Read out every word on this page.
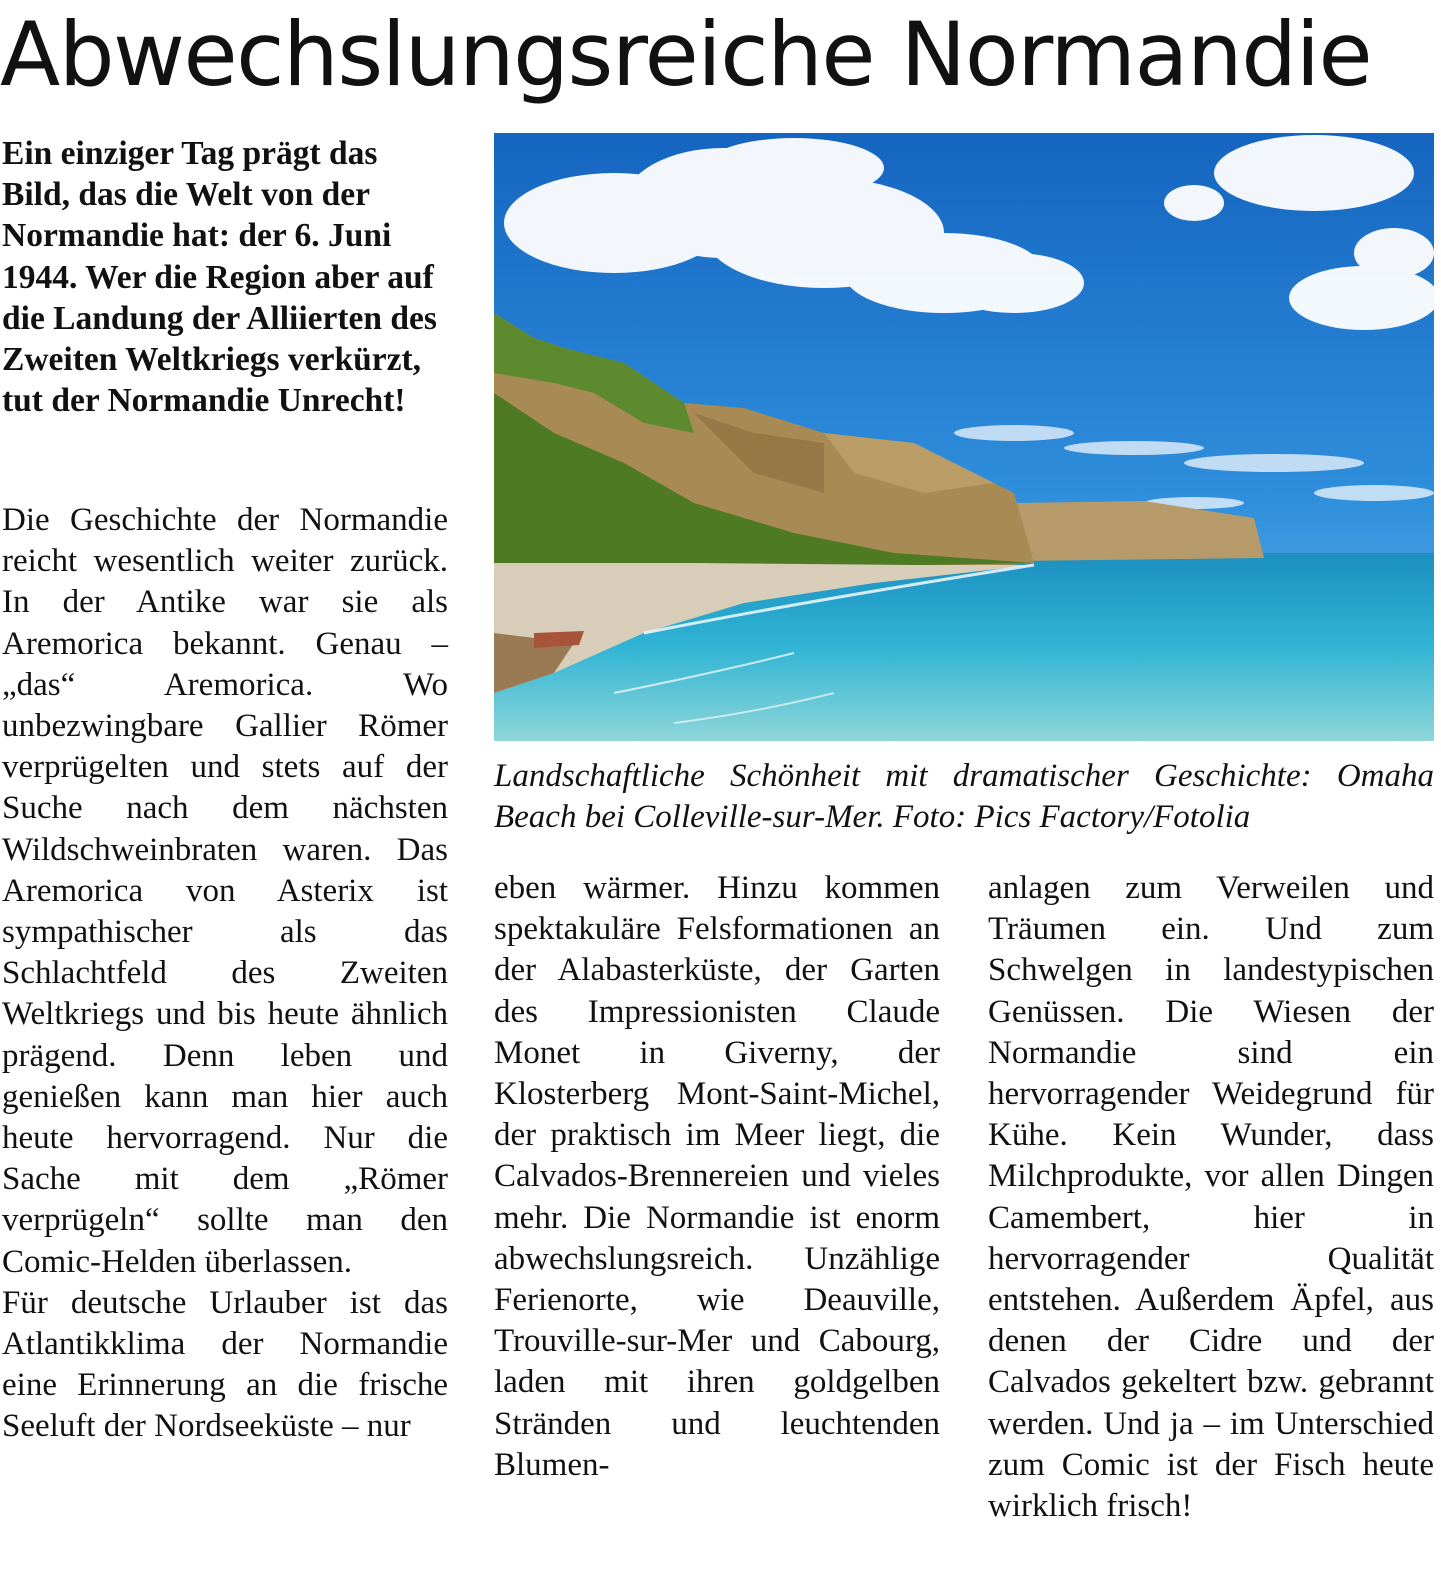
Abwechslungsreiche Normandie

Ein einziger Tag prägt das Bild, das die Welt von der Normandie hat: der 6. Juni 1944. Wer die Region aber auf die Landung der Alliierten des Zweiten Weltkriegs verkürzt, tut der Normandie Unrecht!

Die Geschichte der Normandie reicht wesentlich weiter zurück. In der Antike war sie als Aremorica bekannt. Genau – „das“ Aremorica. Wo unbezwingbare Gallier Römer verprügelten und stets auf der Suche nach dem nächsten Wildschweinbraten waren. Das Aremorica von Asterix ist sympathischer als das Schlachtfeld des Zweiten Weltkriegs und bis heute ähnlich prägend. Denn leben und genießen kann man hier auch heute hervorragend. Nur die Sache mit dem „Römer verprügeln“ sollte man den Comic-Helden überlassen.

Für deutsche Urlauber ist das Atlantikklima der Normandie eine Erinnerung an die frische Seeluft der Nordseeküste – nur

Landschaftliche Schönheit mit dramatischer Geschichte: Omaha Beach bei Colleville-sur-Mer. Foto: Pics Factory/Fotolia

eben wärmer. Hinzu kommen spektakuläre Felsformationen an der Alabasterküste, der Garten des Impressionisten Claude Monet in Giverny, der Klosterberg Mont-Saint-Michel, der praktisch im Meer liegt, die Calvados-Brennereien und vieles mehr. Die Normandie ist enorm abwechslungsreich. Unzählige Ferienorte, wie Deauville, Trouville-sur-Mer und Cabourg, laden mit ihren goldgelben Stränden und leuchtenden Blumen-

anlagen zum Verweilen und Träumen ein. Und zum Schwelgen in landestypischen Genüssen. Die Wiesen der Normandie sind ein hervorragender Weidegrund für Kühe. Kein Wunder, dass Milchprodukte, vor allen Dingen Camembert, hier in hervorragender Qualität entstehen. Außerdem Äpfel, aus denen der Cidre und der Calvados gekeltert bzw. gebrannt werden. Und ja – im Unterschied zum Comic ist der Fisch heute wirklich frisch!
